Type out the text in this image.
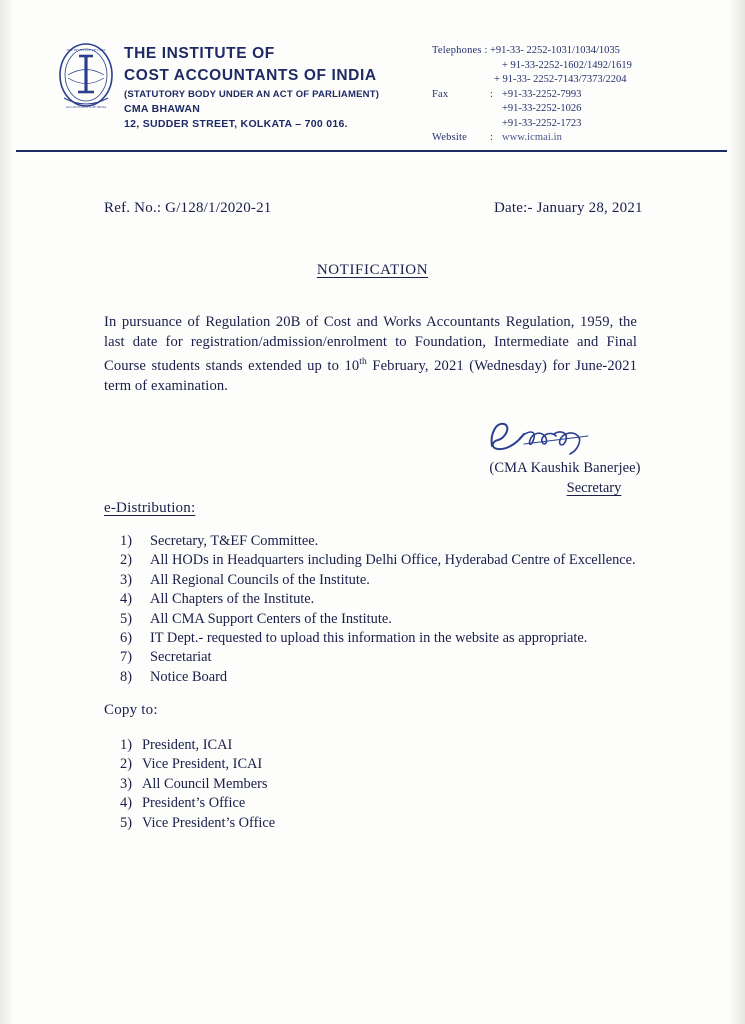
THE INSTITUTE OF COST
ACCOUNTANTS OF INDIA
THE INSTITUTE OF
COST ACCOUNTANTS OF INDIA
(STATUTORY BODY UNDER AN ACT OF PARLIAMENT)
CMA BHAWAN
12, SUDDER STREET, KOLKATA – 700 016.
Telephones : +91-33- 2252-1031/1034/1035
+ 91-33-2252-1602/1492/1619
+ 91-33- 2252-7143/7373/2204
Fax	: +91-33-2252-7993
+91-33-2252-1026
+91-33-2252-1723
Website : www.icmai.in
Ref. No.: G/128/1/2020-21	Date:- January 28, 2021
NOTIFICATION
In pursuance of Regulation 20B of Cost and Works Accountants Regulation, 1959, the last date for registration/admission/enrolment to Foundation, Intermediate and Final Course students stands extended up to 10th February, 2021 (Wednesday) for June-2021 term of examination.
(CMA Kaushik Banerjee)
Secretary
e-Distribution:
1)	Secretary, T&EF Committee.
2)	All HODs in Headquarters including Delhi Office, Hyderabad Centre of Excellence.
3)	All Regional Councils of the Institute.
4)	All Chapters of the Institute.
5)	All CMA Support Centers of the Institute.
6)	IT Dept.- requested to upload this information in the website as appropriate.
7)	Secretariat
8)	Notice Board
Copy to:
1) President, ICAI
2) Vice President, ICAI
3) All Council Members
4) President’s Office
5) Vice President’s Office
